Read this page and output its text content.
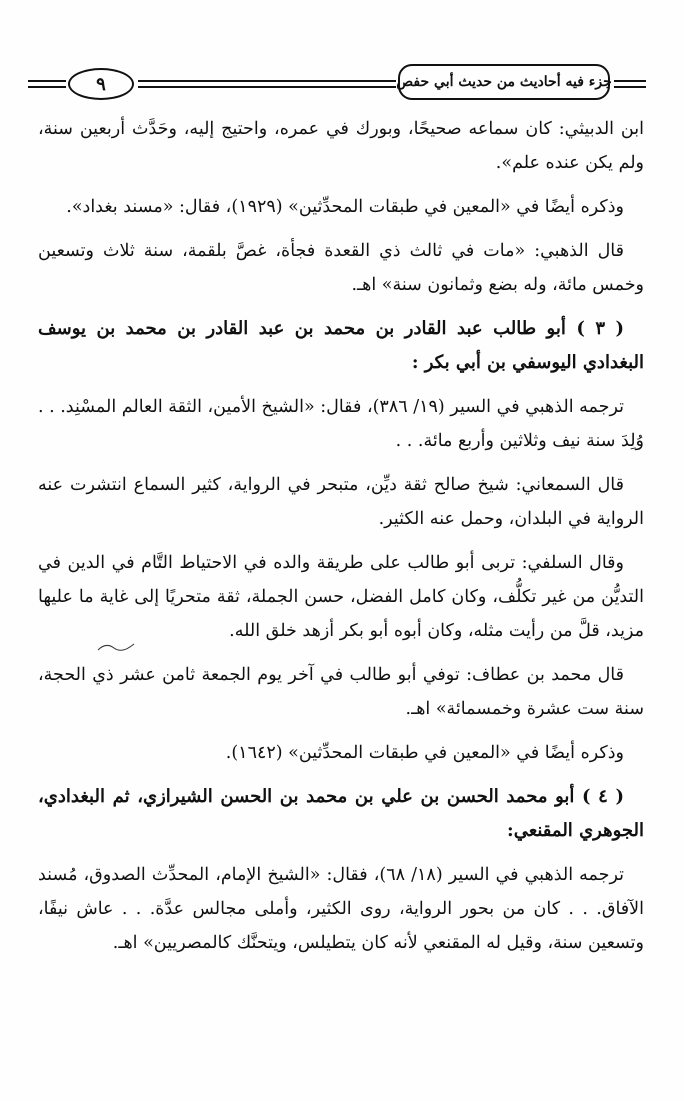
٩	جزء فيه أحاديث من حديث أبي حفص

ابن الدبيثي: كان سماعه صحيحًا، وبورك في عمره، واحتيج إليه، وحَدَّث أربعين سنة، ولم يكن عنده علم».

وذكره أيضًا في «المعين في طبقات المحدِّثين» (١٩٢٩)، فقال: «مسند بغداد».

قال الذهبي: «مات في ثالث ذي القعدة فجأة، غصَّ بلقمة، سنة ثلاث وتسعين وخمس مائة، وله بضع وثمانون سنة» اهـ.

( ٣ ) أبو طالب عبد القادر بن محمد بن عبد القادر بن محمد بن يوسف البغدادي اليوسفي بن أبي بكر :

ترجمه الذهبي في السير (١٩/ ٣٨٦)، فقال: «الشيخ الأمين، الثقة العالم المسْنِد. . . وُلِدَ سنة نيف وثلاثين وأربع مائة. . .

قال السمعاني: شيخ صالح ثقة ديِّن، متبحر في الرواية، كثير السماع انتشرت عنه الرواية في البلدان، وحمل عنه الكثير.

وقال السلفي: تربى أبو طالب على طريقة والده في الاحتياط التَّام في الدين في التديُّن من غير تكلُّف، وكان كامل الفضل، حسن الجملة، ثقة متحريًا إلى غاية ما عليها مزيد، قلَّ من رأيت مثله، وكان أبوه أبو بكر أزهد خلق الله.

قال محمد بن عطاف: توفي أبو طالب في آخر يوم الجمعة ثامن عشر ذي الحجة، سنة ست عشرة وخمسمائة» اهـ.

وذكره أيضًا في «المعين في طبقات المحدِّثين» (١٦٤٢).

( ٤ ) أبو محمد الحسن بن علي بن محمد بن الحسن الشيرازي، ثم البغدادي، الجوهري المقنعي:

ترجمه الذهبي في السير (١٨/ ٦٨)، فقال: «الشيخ الإمام، المحدِّث الصدوق، مُسند الآفاق. . . كان من بحور الرواية، روى الكثير، وأملى مجالس عدَّة. . . عاش نيفًا، وتسعين سنة، وقيل له المقنعي لأنه كان يتطيلس، ويتحنَّك كالمصريين» اهـ.
